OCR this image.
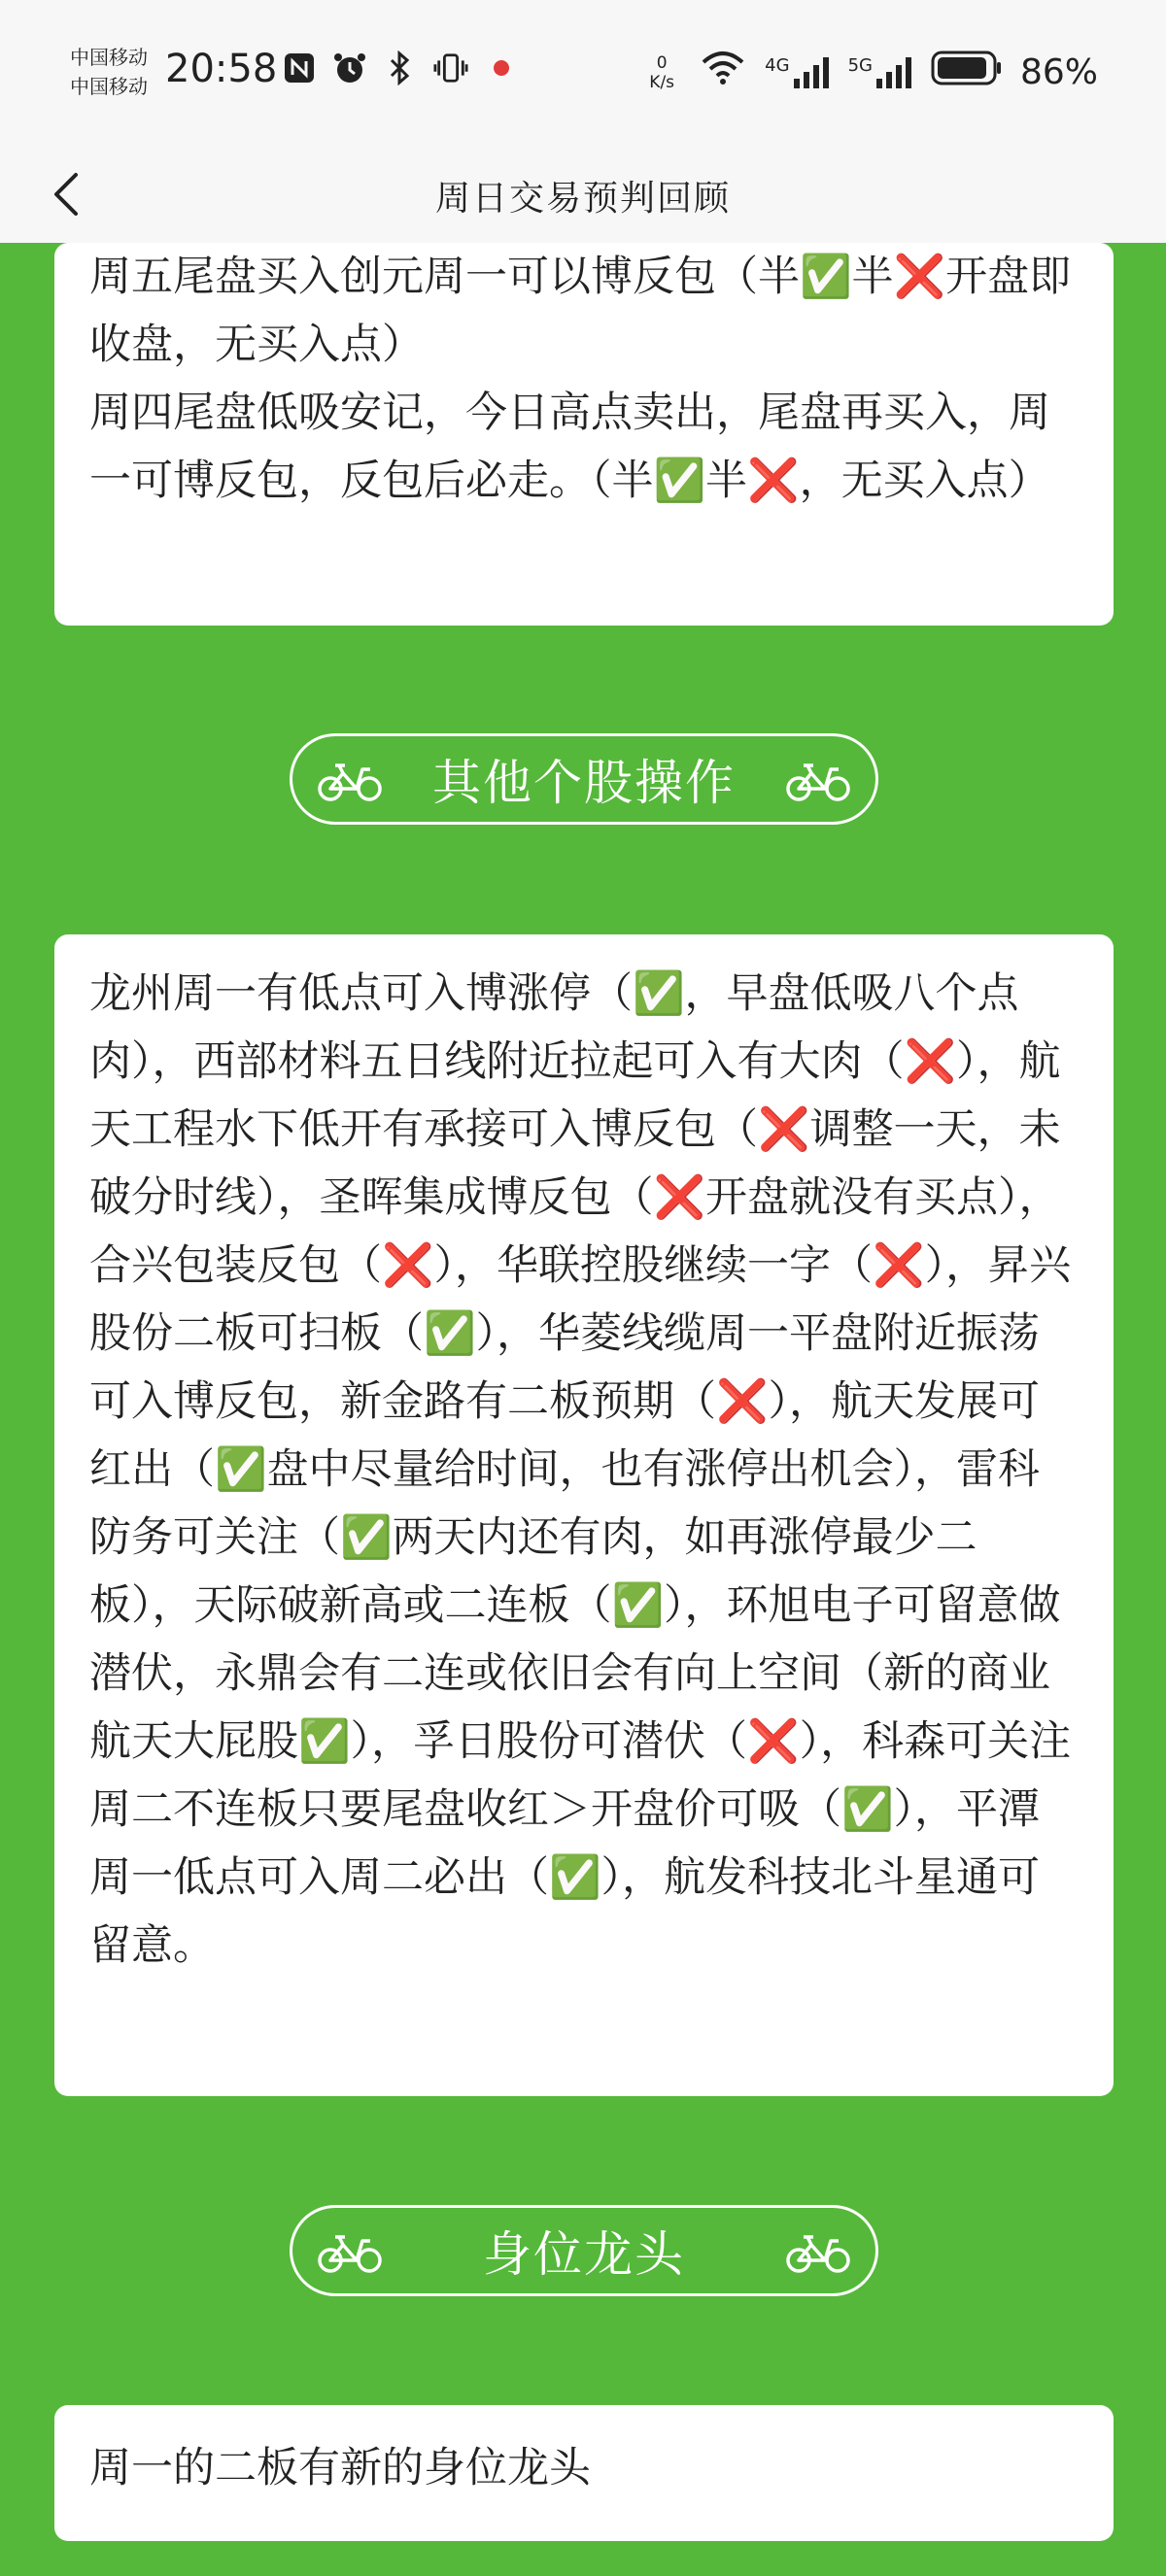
中国移动
中国移动 20:58	0
K/s
4G	5G	86%
周日交易预判回顾

周五尾盘买入创元周一可以博反包（半✅半❌开盘即收盘，无买入点）
周四尾盘低吸安记，今日高点卖出，尾盘再买入，周一可博反包，反包后必走。（半✅半❌，无买入点）

其他个股操作

龙州周一有低点可入博涨停（✅，早盘低吸八个点肉），西部材料五日线附近拉起可入有大肉（❌），航天工程水下低开有承接可入博反包（❌调整一天，未破分时线），圣晖集成博反包（❌开盘就没有买点），合兴包装反包（❌），华联控股继续一字（❌），昇兴股份二板可扫板（✅），华菱线缆周一平盘附近振荡可入博反包，新金路有二板预期（❌），航天发展可红出（✅盘中尽量给时间，也有涨停出机会），雷科防务可关注（✅两天内还有肉，如再涨停最少二板），天际破新高或二连板（✅），环旭电子可留意做潜伏，永鼎会有二连或依旧会有向上空间（新的商业航天大屁股✅），孚日股份可潜伏（❌），科森可关注周二不连板只要尾盘收红＞开盘价可吸（✅），平潭周一低点可入周二必出（✅），航发科技北斗星通可留意。

身位龙头

周一的二板有新的身位龙头
